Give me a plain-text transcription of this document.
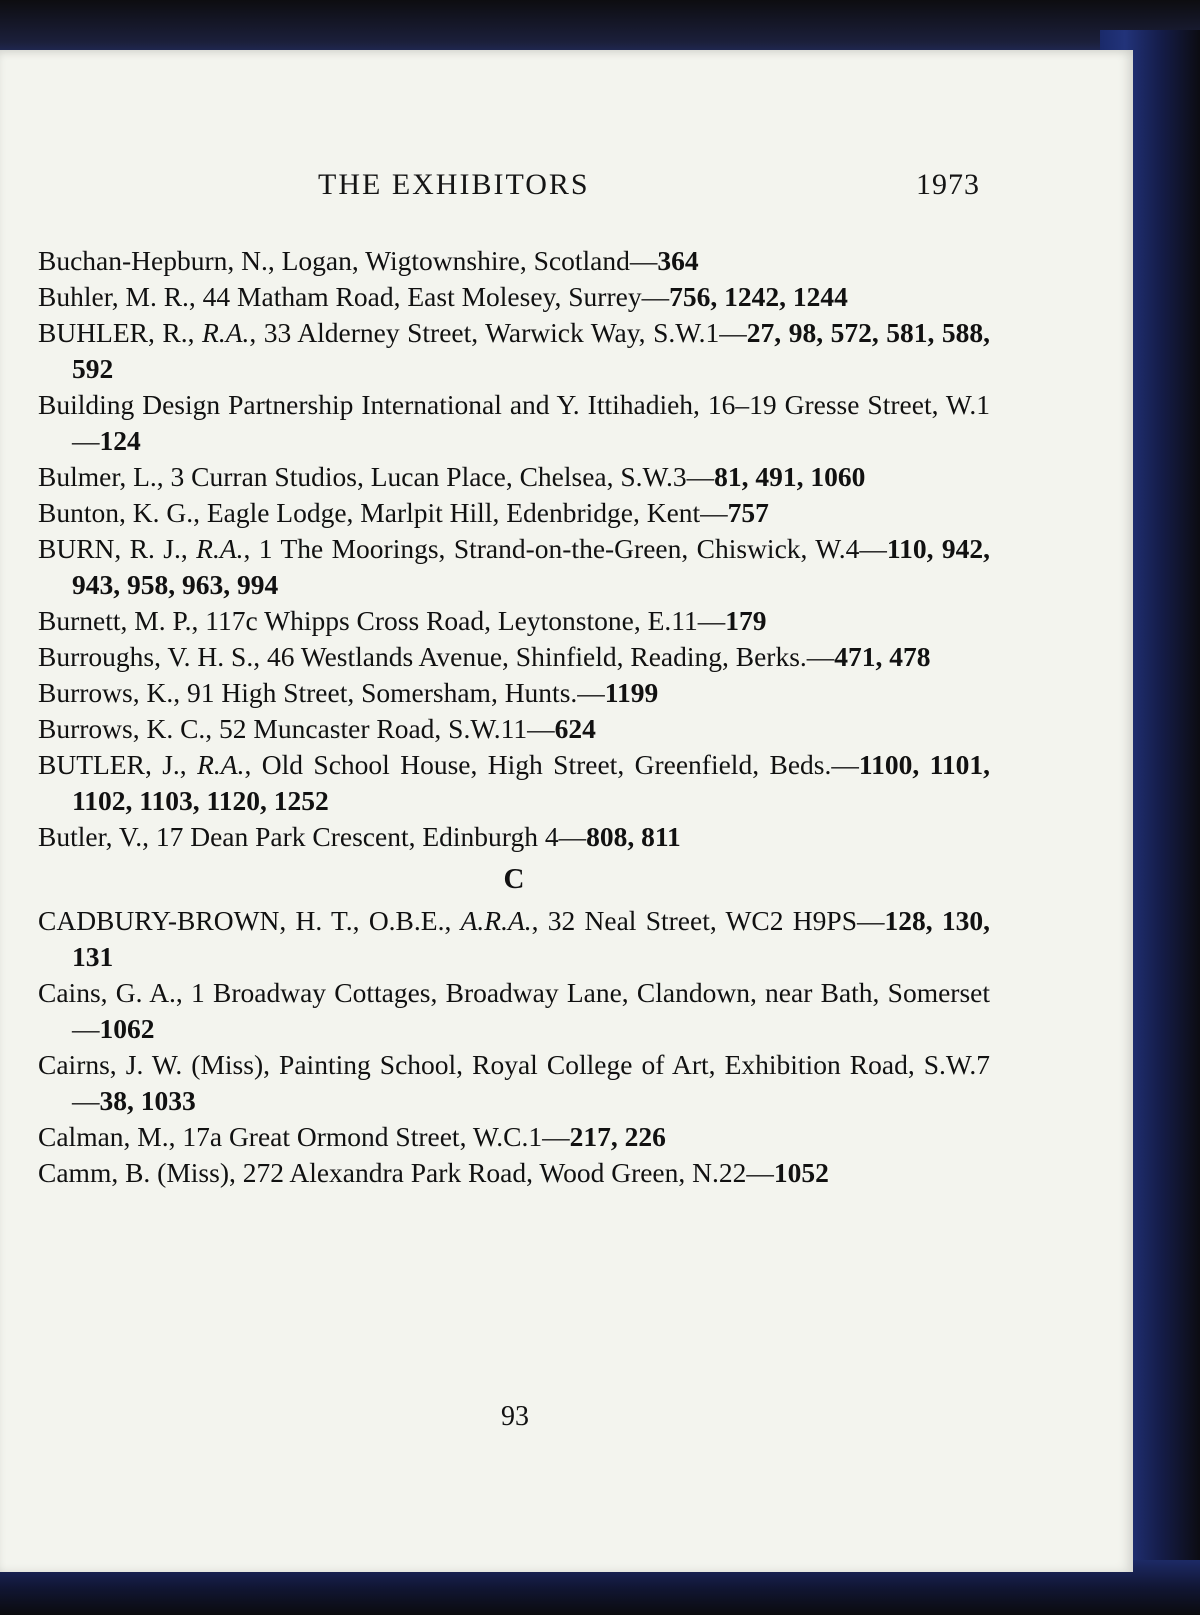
THE EXHIBITORS	1973
Buchan-Hepburn, N., Logan, Wigtownshire, Scotland—364
Buhler, M. R., 44 Matham Road, East Molesey, Surrey—756, 1242, 1244
BUHLER, R., R.A., 33 Alderney Street, Warwick Way, S.W.1—27, 98, 572, 581, 588, 592
Building Design Partnership International and Y. Ittihadieh, 16–19 Gresse Street, W.1—124
Bulmer, L., 3 Curran Studios, Lucan Place, Chelsea, S.W.3—81, 491, 1060
Bunton, K. G., Eagle Lodge, Marlpit Hill, Edenbridge, Kent—757
BURN, R. J., R.A., 1 The Moorings, Strand-on-the-Green, Chiswick, W.4—110, 942, 943, 958, 963, 994
Burnett, M. P., 117c Whipps Cross Road, Leytonstone, E.11—179
Burroughs, V. H. S., 46 Westlands Avenue, Shinfield, Reading, Berks.—471, 478
Burrows, K., 91 High Street, Somersham, Hunts.—1199
Burrows, K. C., 52 Muncaster Road, S.W.11—624
BUTLER, J., R.A., Old School House, High Street, Greenfield, Beds.—1100, 1101, 1102, 1103, 1120, 1252
Butler, V., 17 Dean Park Crescent, Edinburgh 4—808, 811
C
CADBURY-BROWN, H. T., O.B.E., A.R.A., 32 Neal Street, WC2 H9PS—128, 130, 131
Cains, G. A., 1 Broadway Cottages, Broadway Lane, Clandown, near Bath, Somerset—1062
Cairns, J. W. (Miss), Painting School, Royal College of Art, Exhibition Road, S.W.7—38, 1033
Calman, M., 17a Great Ormond Street, W.C.1—217, 226
Camm, B. (Miss), 272 Alexandra Park Road, Wood Green, N.22—1052
93
